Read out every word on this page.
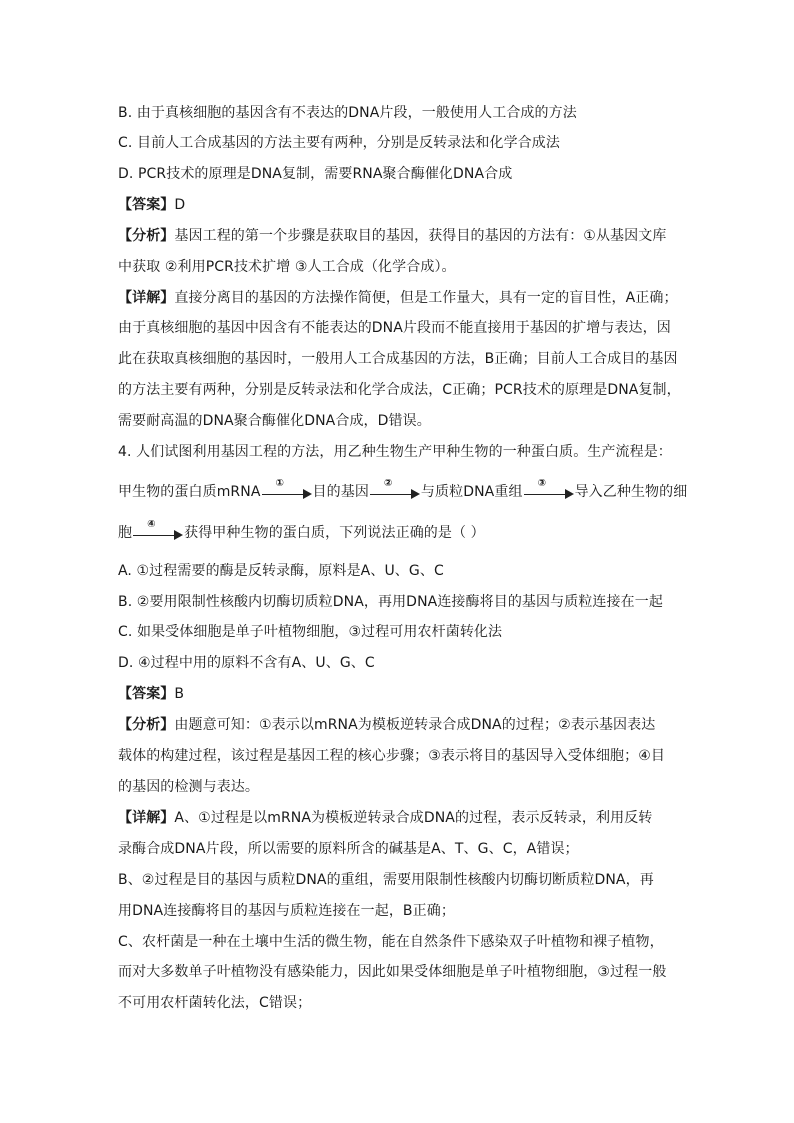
B. 由于真核细胞的基因含有不表达的DNA片段，一般使用人工合成的方法
C. 目前人工合成基因的方法主要有两种，分别是反转录法和化学合成法
D. PCR技术的原理是DNA复制，需要RNA聚合酶催化DNA合成
【答案】D
【分析】基因工程的第一个步骤是获取目的基因，获得目的基因的方法有：①从基因文库
中获取 ②利用PCR技术扩增 ③人工合成（化学合成）。
【详解】直接分离目的基因的方法操作简便，但是工作量大，具有一定的盲目性，A正确；
由于真核细胞的基因中因含有不能表达的DNA片段而不能直接用于基因的扩增与表达，因
此在获取真核细胞的基因时，一般用人工合成基因的方法，B正确；目前人工合成目的基因
的方法主要有两种，分别是反转录法和化学合成法，C正确；PCR技术的原理是DNA复制，
需要耐高温的DNA聚合酶催化DNA合成，D错误。
4. 人们试图利用基因工程的方法，用乙种生物生产甲种生物的一种蛋白质。生产流程是：
甲生物的蛋白质mRNA
①
目的基因
②
与质粒DNA重组
③
导入乙种生物的细
胞
④
获得甲种生物的蛋白质，下列说法正确的是（ ）
A. ①过程需要的酶是反转录酶，原料是A、U、G、C
B. ②要用限制性核酸内切酶切质粒DNA，再用DNA连接酶将目的基因与质粒连接在一起
C. 如果受体细胞是单子叶植物细胞，③过程可用农杆菌转化法
D. ④过程中用的原料不含有A、U、G、C
【答案】B
【分析】由题意可知：①表示以mRNA为模板逆转录合成DNA的过程；②表示基因表达
载体的构建过程，该过程是基因工程的核心步骤；③表示将目的基因导入受体细胞；④目
的基因的检测与表达。
【详解】A、①过程是以mRNA为模板逆转录合成DNA的过程，表示反转录，利用反转
录酶合成DNA片段，所以需要的原料所含的碱基是A、T、G、C，A错误；
B、②过程是目的基因与质粒DNA的重组，需要用限制性核酸内切酶切断质粒DNA，再
用DNA连接酶将目的基因与质粒连接在一起，B正确；
C、农杆菌是一种在土壤中生活的微生物，能在自然条件下感染双子叶植物和裸子植物，
而对大多数单子叶植物没有感染能力，因此如果受体细胞是单子叶植物细胞，③过程一般
不可用农杆菌转化法，C错误；
